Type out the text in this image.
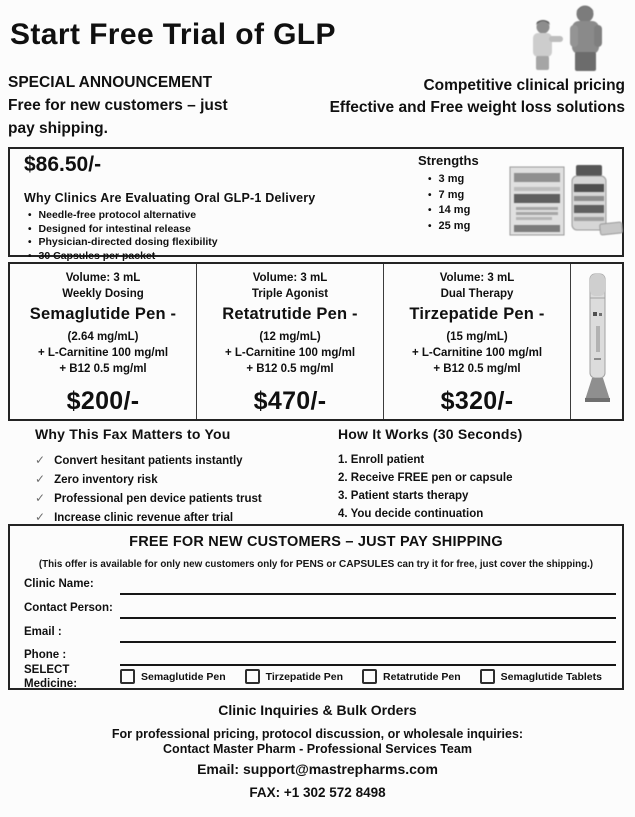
Start Free Trial of GLP
SPECIAL ANNOUNCEMENT
Free for new customers – just
pay shipping.
Competitive clinical pricing
Effective and Free weight loss solutions
$86.50/-
Why Clinics Are Evaluating Oral GLP-1 Delivery
• Needle-free protocol alternative
• Designed for intestinal release
• Physician-directed dosing flexibility
• 30 Capsules per packet
Strengths
• 3 mg
• 7 mg
• 14 mg
• 25 mg
Volume: 3 mL
Weekly Dosing
Semaglutide Pen -
(2.64 mg/mL)
+ L-Carnitine 100 mg/ml
+ B12 0.5 mg/ml
$200/-
Volume: 3 mL
Triple Agonist
Retatrutide Pen -
(12 mg/mL)
+ L-Carnitine 100 mg/ml
+ B12 0.5 mg/ml
$470/-
Volume: 3 mL
Dual Therapy
Tirzepatide Pen -
(15 mg/mL)
+ L-Carnitine 100 mg/ml
+ B12 0.5 mg/ml
$320/-
Why This Fax Matters to You
✓ Convert hesitant patients instantly
✓ Zero inventory risk
✓ Professional pen device patients trust
✓ Increase clinic revenue after trial
How It Works (30 Seconds)
1. Enroll patient
2. Receive FREE pen or capsule
3. Patient starts therapy
4. You decide continuation
FREE FOR NEW CUSTOMERS – JUST PAY SHIPPING
(This offer is available for only new customers only for PENS or CAPSULES can try it for free, just cover the shipping.)
Clinic Name:
Contact Person:
Email :
Phone :
SELECT
Medicine:
Semaglutide Pen	Tirzepatide Pen	Retatrutide Pen	Semaglutide Tablets
Clinic Inquiries & Bulk Orders
For professional pricing, protocol discussion, or wholesale inquiries:
Contact Master Pharm - Professional Services Team
Email: support@mastrepharms.com
FAX: +1 302 572 8498
